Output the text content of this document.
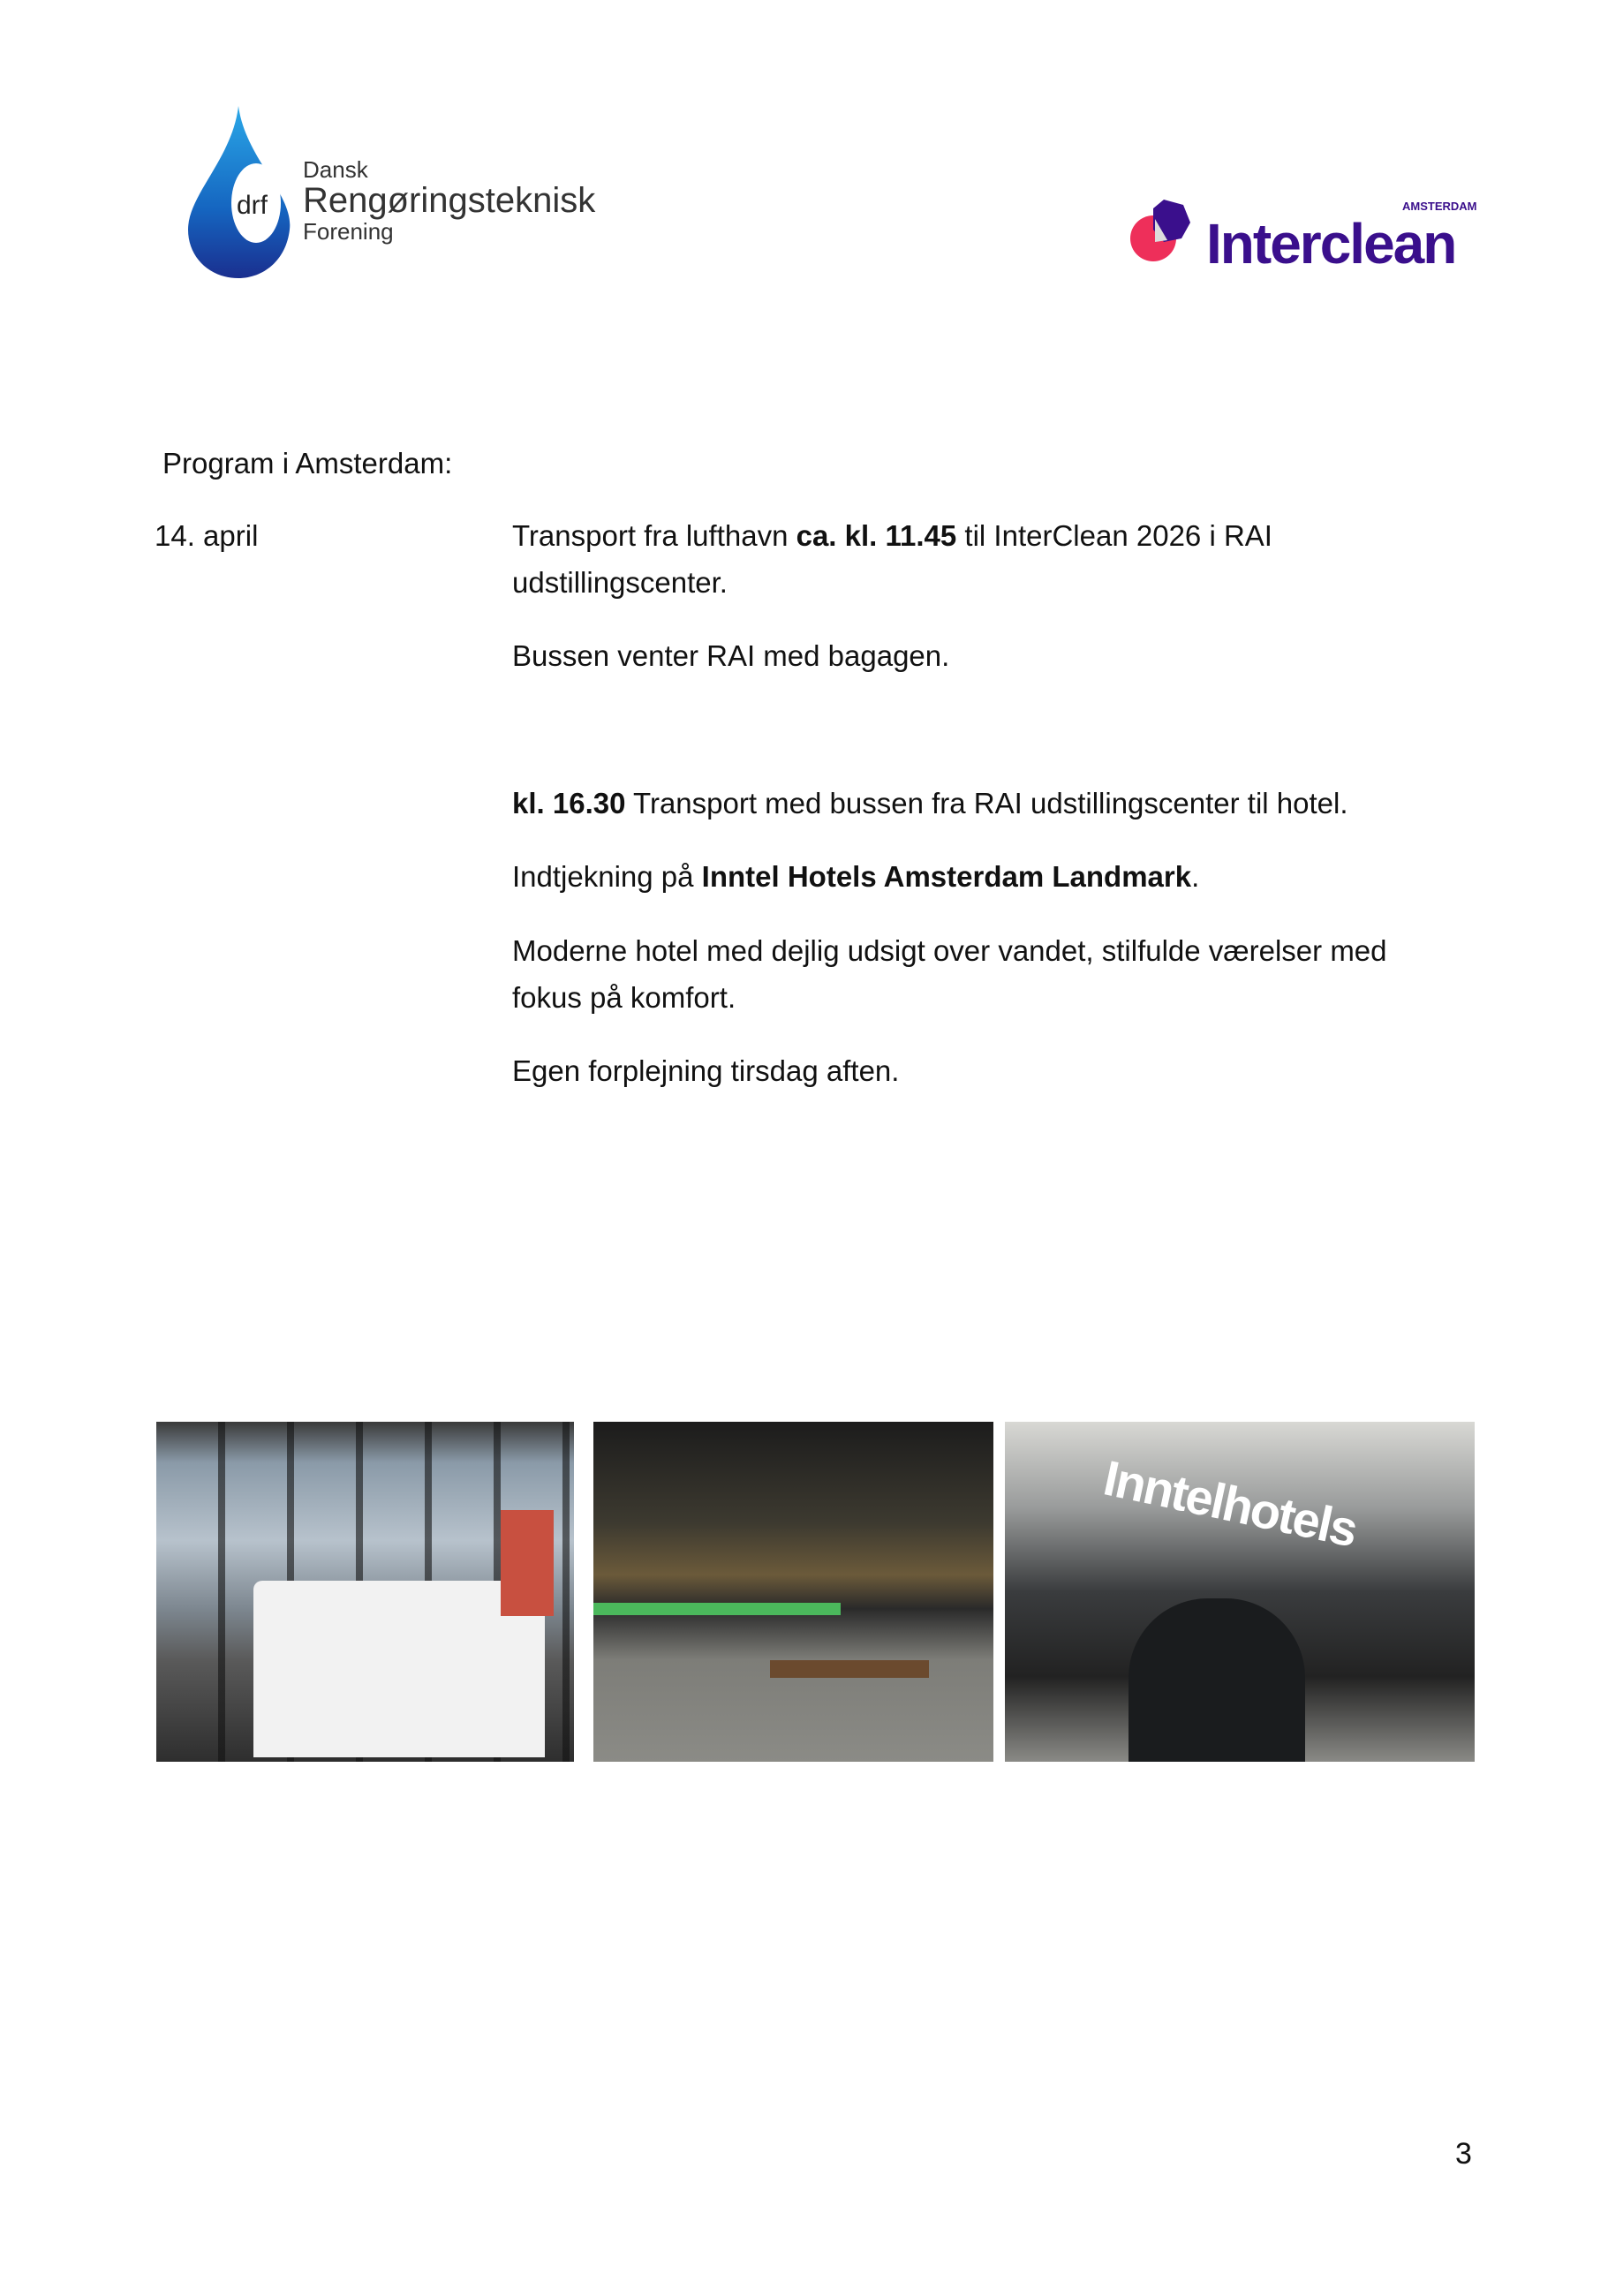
drf
Dansk
Rengøringsteknisk
Forening
AMSTERDAM
Interclean
Program i Amsterdam:
14. april	Transport fra lufthavn ca. kl. 11.45 til InterClean 2026 i RAI
udstillingscenter.
Bussen venter RAI med bagagen.
kl. 16.30 Transport med bussen fra RAI udstillingscenter til hotel.
Indtjekning på Inntel Hotels Amsterdam Landmark.
Moderne hotel med dejlig udsigt over vandet, stilfulde værelser med
fokus på komfort.
Egen forplejning tirsdag aften.
Inntelhotels
3
